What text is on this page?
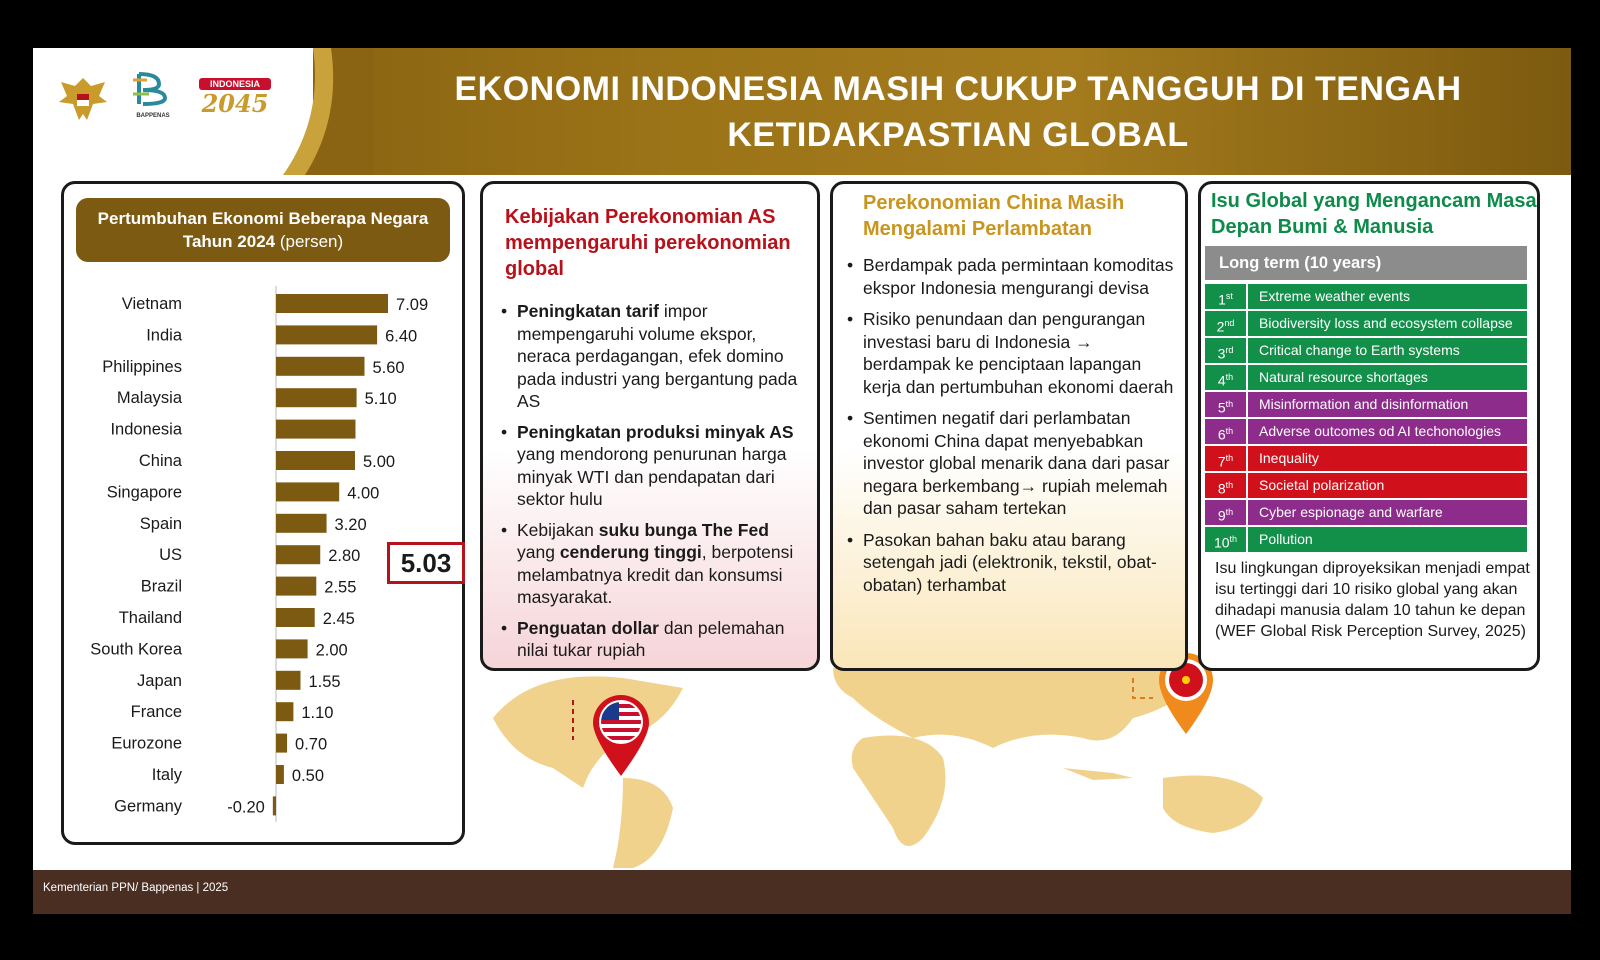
BAPPENAS
INDONESIA
2045	EKONOMI INDONESIA MASIH CUKUP TANGGUH DI TENGAH
KETIDAKPASTIAN GLOBAL
Pertumbuhan Ekonomi Beberapa Negara Tahun 2024 (persen)
Vietnam	7.09
India	6.40
Philippines	5.60
Malaysia	5.10
Indonesia
China	5.00
Singapore	4.00
Spain	3.20
US	2.80
Brazil	2.55
Thailand	2.45
South Korea	2.00
Japan	1.55
France	1.10
Eurozone	0.70
Italy	0.50
Germany	-0.20
5.03
Kebijakan Perekonomian AS mempengaruhi perekonomian global
• Peningkatan tarif impor mempengaruhi volume ekspor, neraca perdagangan, efek domino pada industri yang bergantung pada AS
• Peningkatan produksi minyak AS yang mendorong penurunan harga minyak WTI dan pendapatan dari sektor hulu
• Kebijakan suku bunga The Fed yang cenderung tinggi, berpotensi melambatnya kredit dan konsumsi masyarakat.
• Penguatan dollar dan pelemahan nilai tukar rupiah
Perekonomian China Masih Mengalami Perlambatan
• Berdampak pada permintaan komoditas ekspor Indonesia mengurangi devisa
• Risiko penundaan dan pengurangan investasi baru di Indonesia → berdampak ke penciptaan lapangan kerja dan pertumbuhan ekonomi daerah
• Sentimen negatif dari perlambatan ekonomi China dapat menyebabkan investor global menarik dana dari pasar negara berkembang→ rupiah melemah dan pasar saham tertekan
• Pasokan bahan baku atau barang setengah jadi (elektronik, tekstil, obat-obatan) terhambat
Isu Global yang Mengancam Masa Depan Bumi & Manusia
Long term (10 years)
1st	Extreme weather events
2nd	Biodiversity loss and ecosystem collapse
3rd	Critical change to Earth systems
4th	Natural resource shortages
5th	Misinformation and disinformation
6th	Adverse outcomes od AI techonologies
7th	Inequality
8th	Societal polarization
9th	Cyber espionage and warfare
10th	Pollution
Isu lingkungan diproyeksikan menjadi empat isu tertinggi dari 10 risiko global yang akan dihadapi manusia dalam 10 tahun ke depan (WEF Global Risk Perception Survey, 2025)
Kementerian PPN/ Bappenas | 2025
